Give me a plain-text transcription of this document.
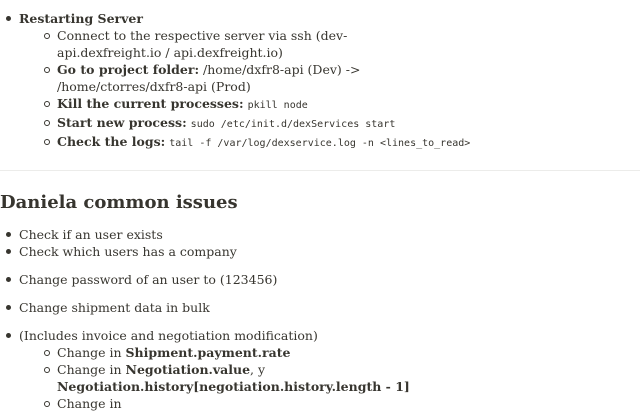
Restarting Server
Connect to the respective server via ssh (dev-api.dexfreight.io / api.dexfreight.io)
Go to project folder: /home/dxfr8-api (Dev) -> /home/ctorres/dxfr8-api (Prod)
Kill the current processes: pkill node
Start new process: sudo /etc/init.d/dexServices start
Check the logs: tail -f /var/log/dexservice.log -n <lines_to_read>
Daniela common issues
Check if an user exists
Check which users has a company
Change password of an user to (123456)
Change shipment data in bulk
(Includes invoice and negotiation modification)
Change in Shipment.payment.rate
Change in Negotiation.value, y
Negotiation.history[negotiation.history.length - 1]
Change in
